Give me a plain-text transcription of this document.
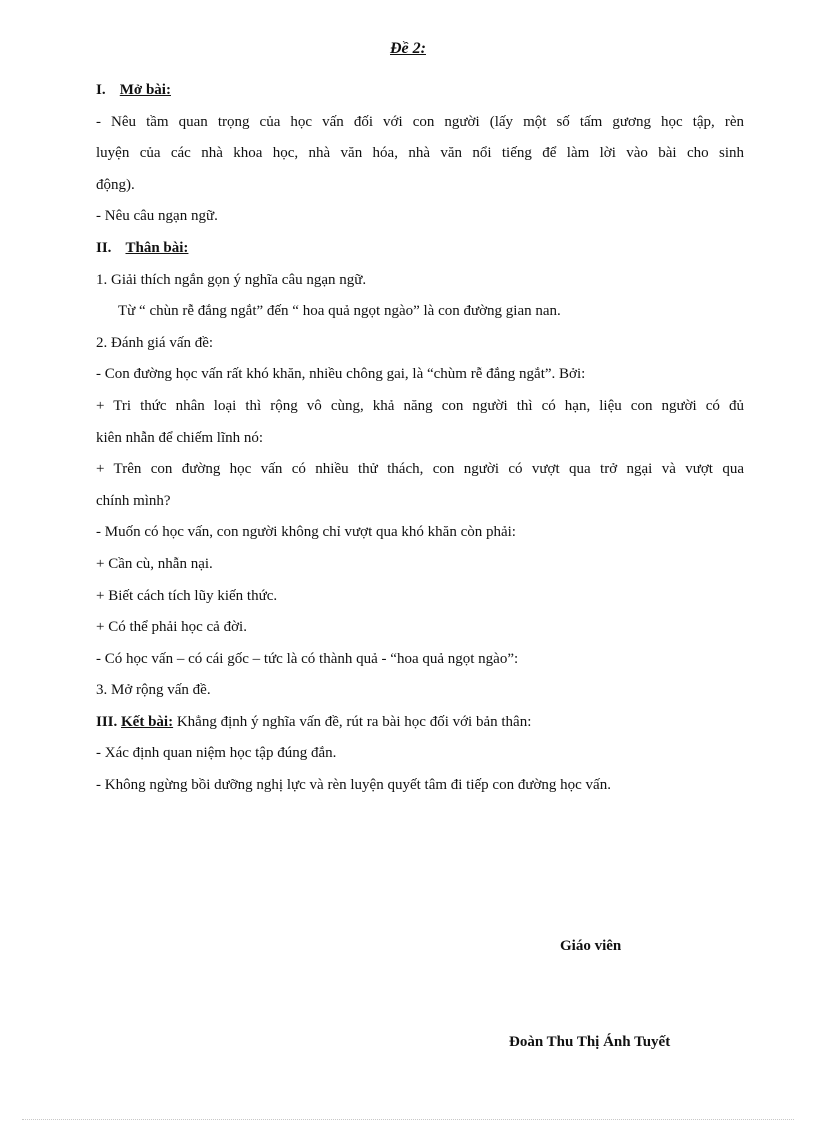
Đề 2:
I. Mở bài:
- Nêu tầm quan trọng của học vấn đối với con người (lấy một số tấm gương học tập, rèn
luyện của các nhà khoa học, nhà văn hóa, nhà văn nổi tiếng để làm lời vào bài cho sinh
động).
- Nêu câu ngạn ngữ.
II. Thân bài:
1. Giải thích ngắn gọn ý nghĩa câu ngạn ngữ.
Từ “ chùn rễ đắng ngắt” đến “ hoa quả ngọt ngào” là con đường gian nan.
2. Đánh giá vấn đề:
- Con đường học vấn rất khó khăn, nhiều chông gai, là “chùm rễ đắng ngắt”. Bởi:
+ Tri thức nhân loại thì rộng vô cùng, khả năng con người thì có hạn, liệu con người có đủ
kiên nhẫn để chiếm lĩnh nó:
+ Trên con đường học vấn có nhiều thử thách, con người có vượt qua trở ngại và vượt qua
chính mình?
- Muốn có học vấn, con người không chỉ vượt qua khó khăn còn phải:
+ Cần cù, nhẫn nại.
+ Biết cách tích lũy kiến thức.
+ Có thể phải học cả đời.
- Có học vấn – có cái gốc – tức là có thành quả - “hoa quả ngọt ngào”:
3. Mở rộng vấn đề.
III. Kết bài: Khẳng định ý nghĩa vấn đề, rút ra bài học đối với bản thân:
- Xác định quan niệm học tập đúng đắn.
- Không ngừng bồi dưỡng nghị lực và rèn luyện quyết tâm đi tiếp con đường học vấn.
Giáo viên
Đoàn Thu Thị Ánh Tuyết
